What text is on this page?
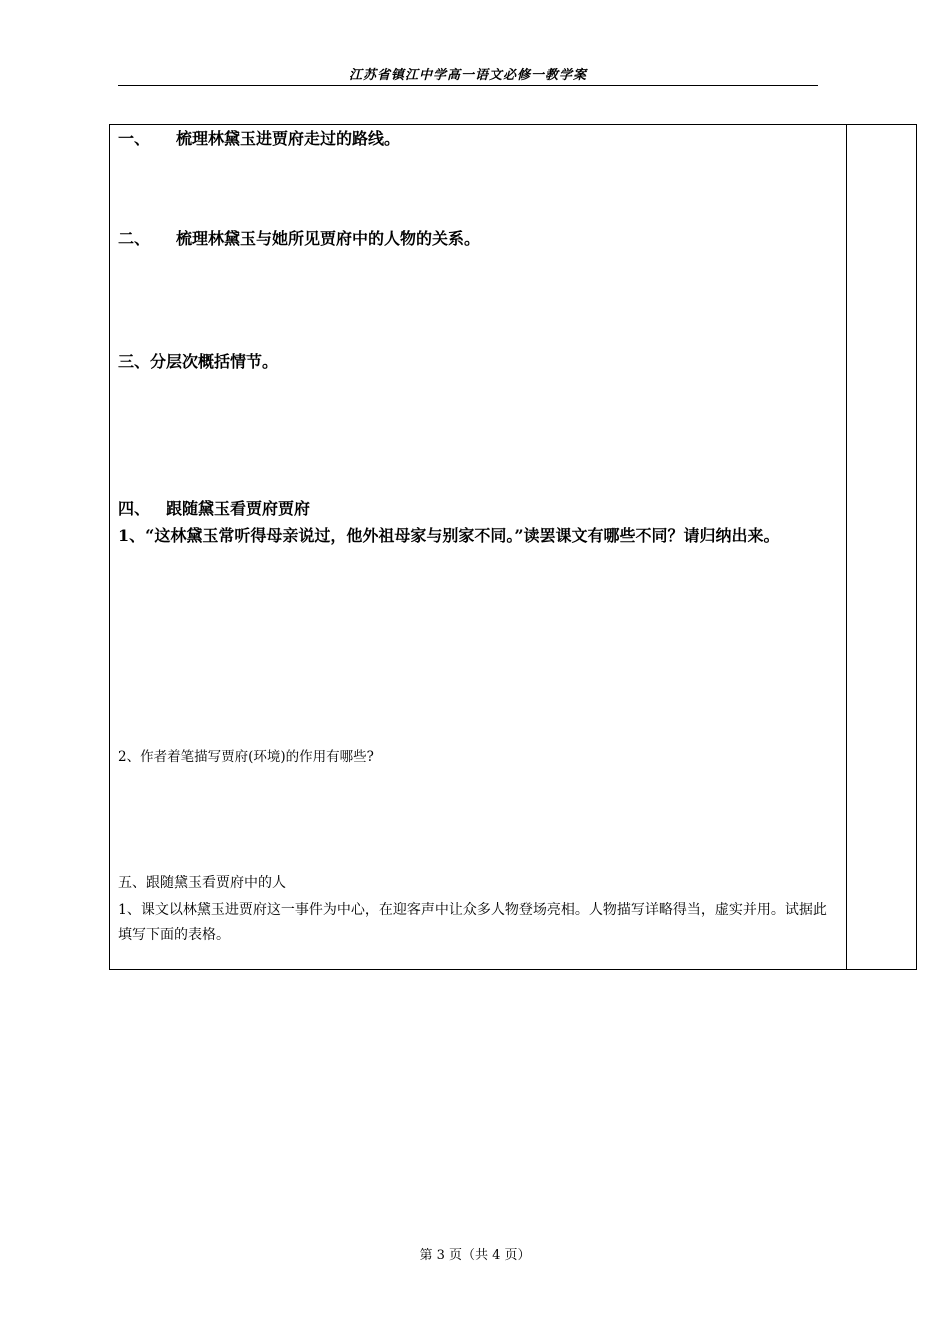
江苏省镇江中学高一语文必修一教学案

一、 梳理林黛玉进贾府走过的路线。

二、 梳理林黛玉与她所见贾府中的人物的关系。

三、分层次概括情节。

四、 跟随黛玉看贾府贾府

1、“这林黛玉常听得母亲说过，他外祖母家与别家不同。”读罢课文有哪些不同？请归纳出来。

2、作者着笔描写贾府(环境)的作用有哪些?

五、跟随黛玉看贾府中的人

1、课文以林黛玉进贾府这一事件为中心，在迎客声中让众多人物登场亮相。人物描写详略得当，虚实并用。试据此填写下面的表格。

第 3 页（共 4 页）
